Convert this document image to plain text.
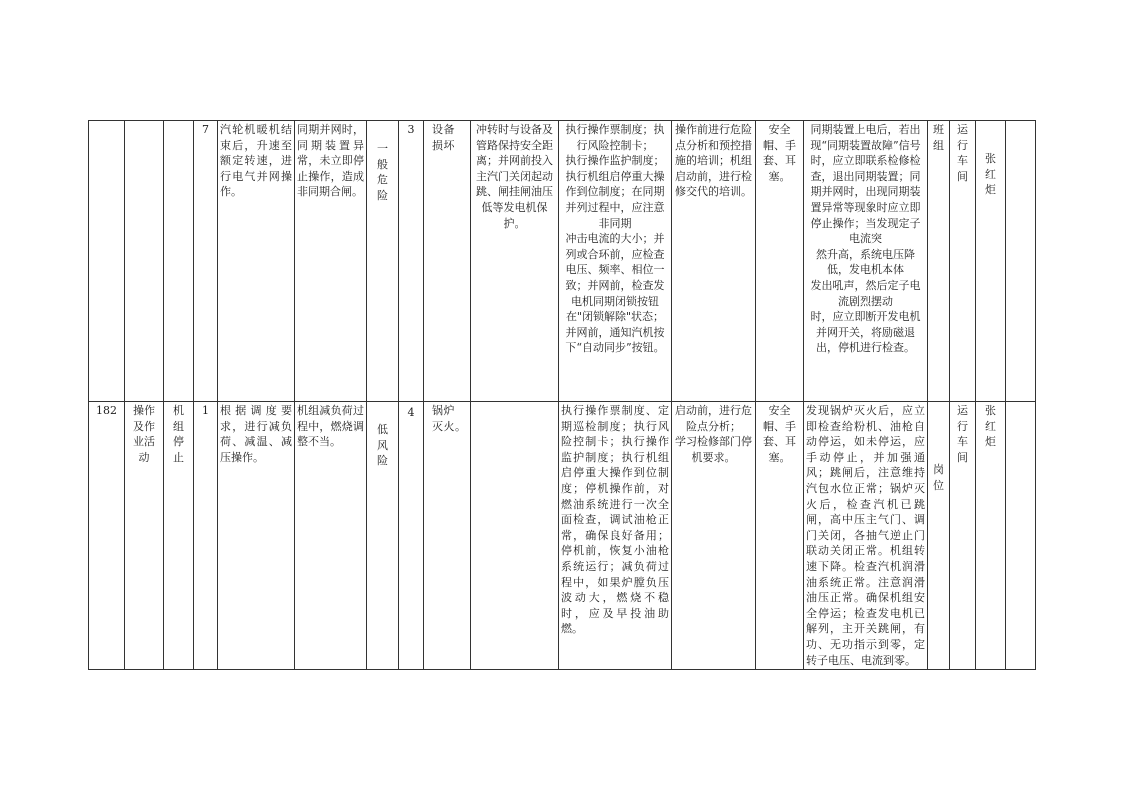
			7	汽轮机暖机结束后，升速至额定转速，进行电气并网操作。	同期并网时，同期装置异常，未立即停止操作，造成非同期合闸。	一
般
危
险	3	设备
损坏	冲转时与设备及管路保持安全距离；并网前投入主汽门关闭起动跳、闸挂闸油压低等发电机保护。	执行操作票制度；执行风险控制卡；
执行操作监护制度；执行机组启停重大操作到位制度；在同期并列过程中，应注意非同期
冲击电流的大小；并列或合环前，应检查电压、频率、相位一致；并网前，检查发电机同期闭锁按钮在"闭锁解除"状态；并网前，通知汽机按下“自动同步”按钮。	操作前进行危险点分析和预控措施的培训；机组启动前，进行检修交代的培训。	安全帽、手套、耳塞。	同期装置上电后，若出现“同期装置故障”信号时，应立即联系检修检查，退出同期装置；同期并网时，出现同期装置异常等现象时应立即停止操作；当发现定子电流突
然升高，系统电压降低，发电机本体
发出吼声，然后定子电流剧烈摆动
时，应立即断开发电机并网开关，将励磁退出，停机进行检查。	班
组	运
行
车
间	张
红
炬	
182	操作
及作
业活
动	机
组
停
止	1	根据调度要求，进行减负荷、减温、减压操作。	机组减负荷过程中，燃烧调整不当。	低
风
险	4	锅炉
灭火。		执行操作票制度、定期巡检制度；执行风险控制卡；执行操作监护制度；执行机组启停重大操作到位制度；停机操作前，对燃油系统进行一次全面检查，调试油枪正常，确保良好备用；停机前，恢复小油枪系统运行；减负荷过程中，如果炉膛负压波动大，燃烧不稳时，应及早投油助燃。	启动前，进行危险点分析；
学习检修部门停机要求。	安全帽、手套、耳塞。	发现锅炉灭火后，应立即检查给粉机、油枪自动停运，如未停运，应手动停止，并加强通风；跳闸后，注意维持汽包水位正常；锅炉灭火后，检查汽机已跳闸，高中压主气门、调门关闭，各抽气逆止门联动关闭正常。机组转速下降。检查汽机润滑油系统正常。注意润滑油压正常。确保机组安全停运；检查发电机已解列，主开关跳闸，有功、无功指示到零，定转子电压、电流到零。	岗
位	运
行
车
间	张
红
炬	
